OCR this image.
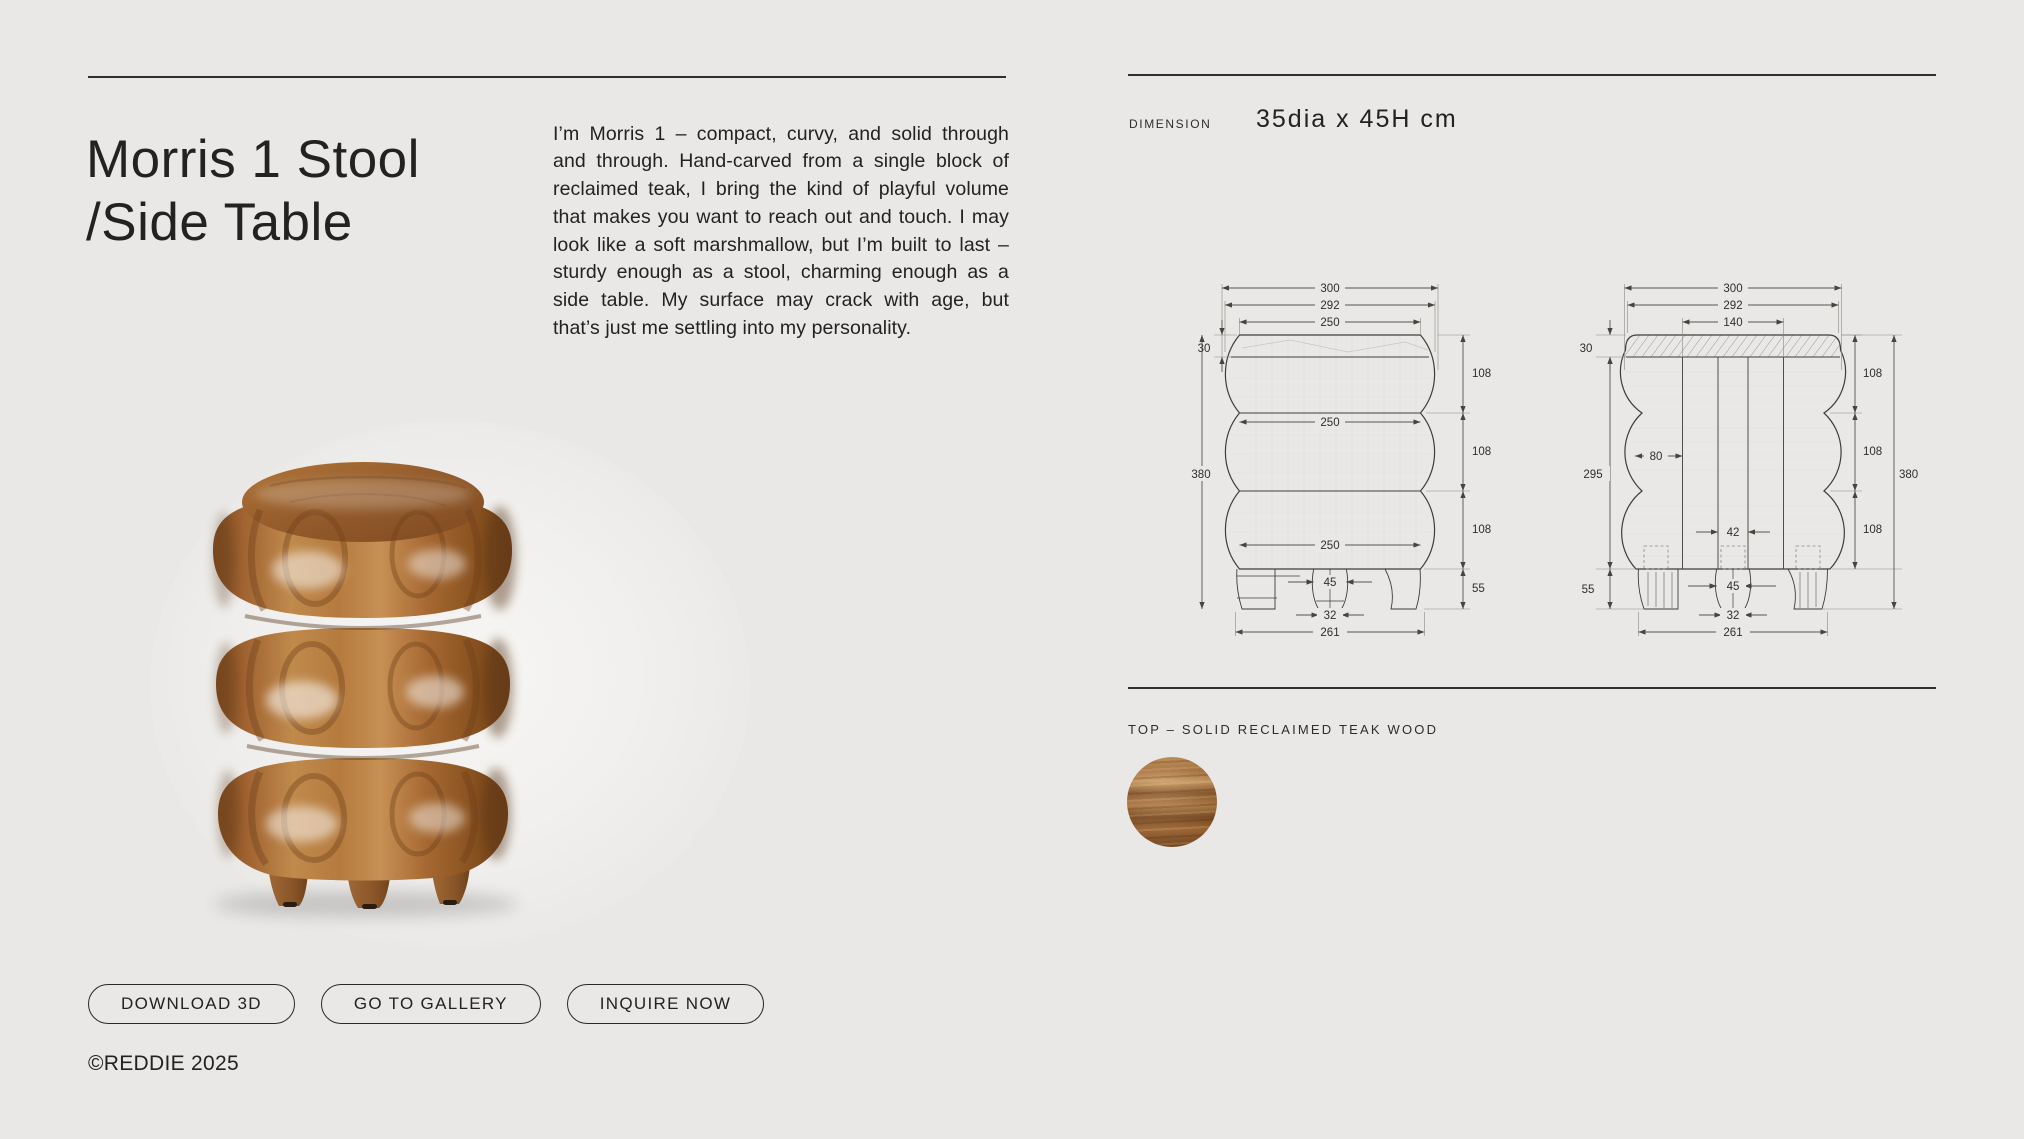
Morris 1 Stool
/Side Table

I’m Morris 1 – compact, curvy, and solid through and through. Hand-carved from a single block of reclaimed teak, I bring the kind of playful volume that makes you want to reach out and touch. I may look like a soft marshmallow, but I’m built to last – sturdy enough as a stool, charming enough as a side table. My surface may crack with age, but that’s just me settling into my personality.

DOWNLOAD 3D	GO TO GALLERY	INQUIRE NOW
©REDDIE 2025
DIMENSION 35dia x 45H cm
300
292
250
30
380
108
108
108
55
250
250
45
32
261
300
292
140
30
295
55
80
42
108
108
108
380
45
32
261
TOP – SOLID RECLAIMED TEAK WOOD
